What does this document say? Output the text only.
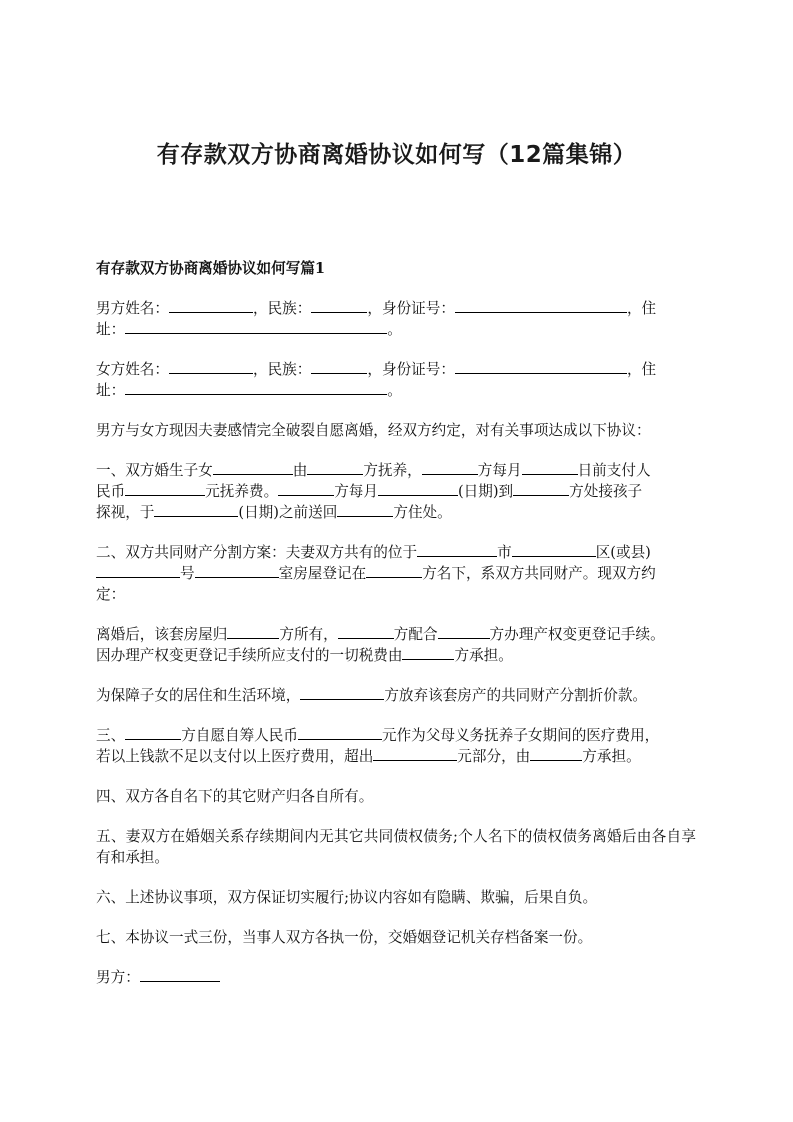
有存款双方协商离婚协议如何写（12篇集锦）
有存款双方协商离婚协议如何写篇1

男方姓名：	，民族：	，身份证号：	，住
址：	。

女方姓名：	，民族：	，身份证号：	，住
址：	。

男方与女方现因夫妻感情完全破裂自愿离婚，经双方约定，对有关事项达成以下协议：

一、双方婚生子女	由	方抚养，	方每月	日前支付人
民币	元抚养费。	方每月	(日期)到	方处接孩子
探视，于	(日期)之前送回	方住处。

二、双方共同财产分割方案：夫妻双方共有的位于	市	区(或县)
号	室房屋登记在	方名下，系双方共同财产。现双方约
定：

离婚后，该套房屋归	方所有，	方配合	方办理产权变更登记手续。
因办理产权变更登记手续所应支付的一切税费由	方承担。

为保障子女的居住和生活环境，	方放弃该套房产的共同财产分割折价款。

三、	方自愿自筹人民币	元作为父母义务抚养子女期间的医疗费用，
若以上钱款不足以支付以上医疗费用，超出	元部分，由	方承担。

四、双方各自名下的其它财产归各自所有。

五、妻双方在婚姻关系存续期间内无其它共同债权债务;个人名下的债权债务离婚后由各自享有和承担。

六、上述协议事项，双方保证切实履行;协议内容如有隐瞒、欺骗，后果自负。

七、本协议一式三份，当事人双方各执一份，交婚姻登记机关存档备案一份。

男方：
